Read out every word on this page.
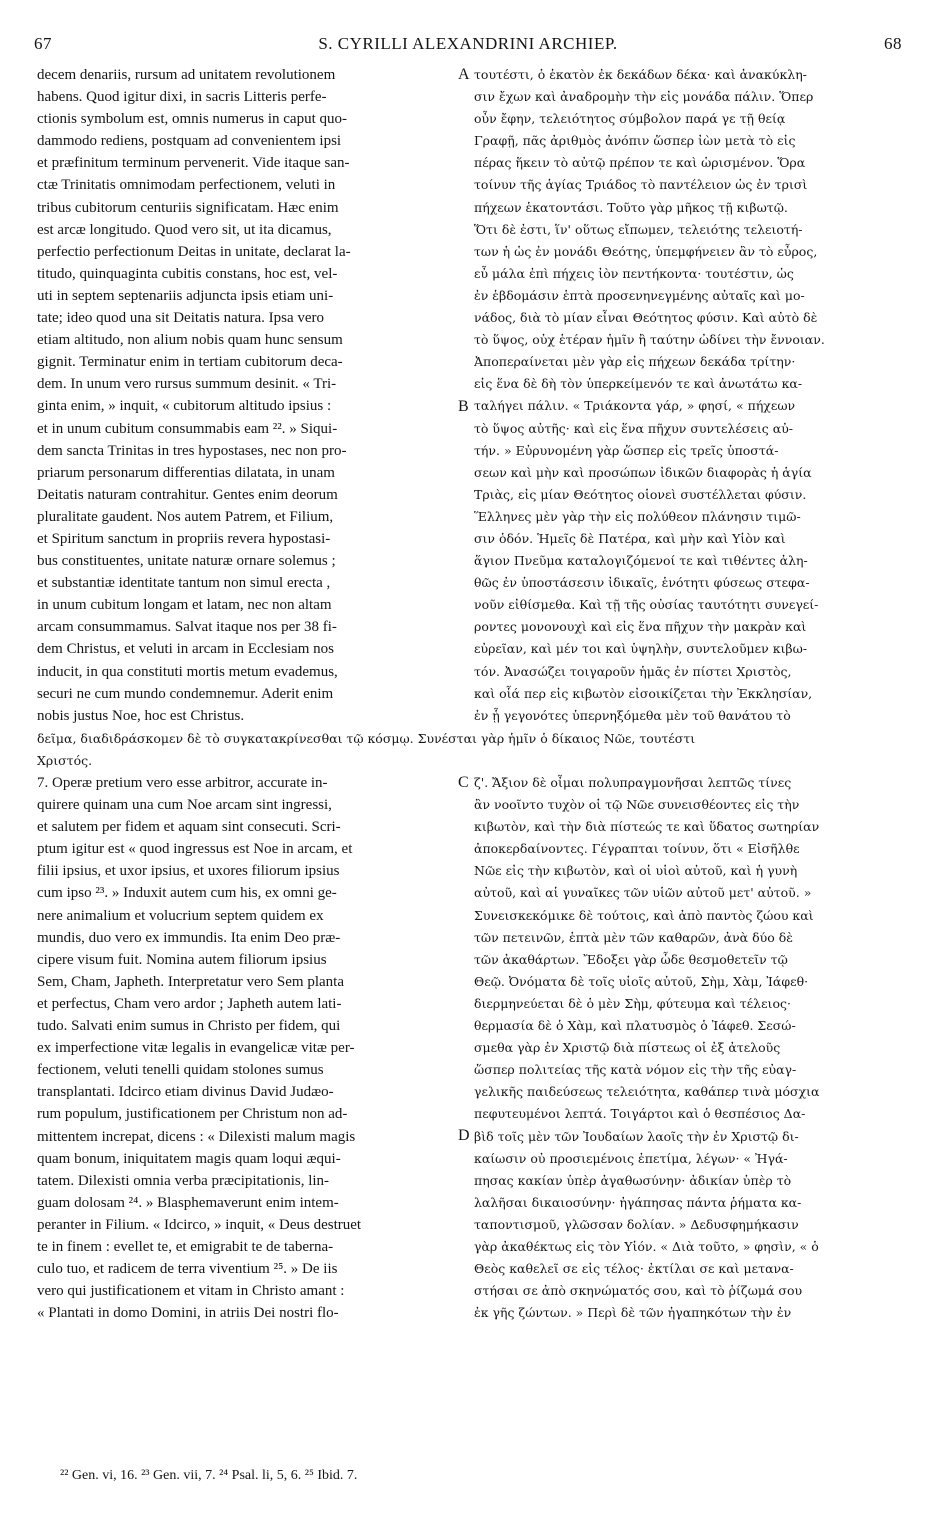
67	S. CYRILLI ALEXANDRINI ARCHIEP.	68
decem denariis, rursum ad unitatem revolutionem
habens. Quod igitur dixi, in sacris Litteris perfe-
ctionis symbolum est, omnis numerus in caput quo-
dammodo rediens, postquam ad convenientem ipsi
et præfinitum terminum pervenerit. Vide itaque san-
ctæ Trinitatis omnimodam perfectionem, veluti in
tribus cubitorum centuriis significatam. Hæc enim
est arcæ longitudo. Quod vero sit, ut ita dicamus,
perfectio perfectionum Deitas in unitate, declarat la-
titudo, quinquaginta cubitis constans, hoc est, vel-
uti in septem septenariis adjuncta ipsis etiam uni-
tate; ideo quod una sit Deitatis natura. Ipsa vero
etiam altitudo, non alium nobis quam hunc sensum
gignit. Terminatur enim in tertiam cubitorum deca-
dem. In unum vero rursus summum desinit. « Tri-
ginta enim, » inquit, « cubitorum altitudo ipsius :
et in unum cubitum consummabis eam ²². » Siqui-
dem sancta Trinitas in tres hypostases, nec non pro-
priarum personarum differentias dilatata, in unam
Deitatis naturam contrahitur. Gentes enim deorum
pluralitate gaudent. Nos autem Patrem, et Filium,
et Spiritum sanctum in propriis revera hypostasi-
bus constituentes, unitate naturæ ornare solemus ;
et substantiæ identitate tantum non simul erecta ,
in unum cubitum longam et latam, nec non altam
arcam consummamus. Salvat itaque nos per 38 fi-
dem Christus, et veluti in arcam in Ecclesiam nos
inducit, in qua constituti mortis metum evademus,
securi ne cum mundo condemnemur. Aderit enim
nobis justus Noe, hoc est Christus.
τουτέστι, ὁ ἑκατὸν ἐκ δεκάδων δέκα· καὶ ἀνακύκλη-
σιν ἔχων καὶ ἀναδρομὴν τὴν εἰς μονάδα πάλιν. Ὅπερ
οὖν ἔφην, τελειότητος σύμβολον παρά γε τῇ θείᾳ
Γραφῇ, πᾶς ἀριθμὸς ἀνόπιν ὥσπερ ἰὼν μετὰ τὸ εἰς
πέρας ἥκειν τὸ αὐτῷ πρέπον τε καὶ ὡρισμένον. Ὅρα
τοίνυν τῆς ἁγίας Τριάδος τὸ παντέλειον ὡς ἐν τρισὶ
πήχεων ἑκατοντάσι. Τοῦτο γὰρ μῆκος τῇ κιβωτῷ.
Ὅτι δὲ ἐστι, ἵν' οὕτως εἴπωμεν, τελειότης τελειοτή-
των ἡ ὡς ἐν μονάδι Θεότης, ὑπεμφήνειεν ἂν τὸ εὖρος,
εὖ μάλα ἐπὶ πήχεις ἰὸν πεντήκοντα· τουτέστιν, ὡς
ἐν ἑβδομάσιν ἑπτὰ προσενηνεγμένης αὐταῖς καὶ μο-
νάδος, διὰ τὸ μίαν εἶναι Θεότητος φύσιν. Καὶ αὐτὸ δὲ
τὸ ὕψος, οὐχ ἑτέραν ἡμῖν ἢ ταύτην ὠδίνει τὴν ἔννοιαν.
Ἀποπεραίνεται μὲν γὰρ εἰς πήχεων δεκάδα τρίτην·
εἰς ἕνα δὲ δὴ τὸν ὑπερκείμενόν τε καὶ ἀνωτάτω κα-
ταλήγει πάλιν. « Τριάκοντα γάρ, » φησί, « πήχεων
τὸ ὕψος αὐτῆς· καὶ εἰς ἕνα πῆχυν συντελέσεις αὐ-
τήν. » Εὐρυνομένη γὰρ ὥσπερ εἰς τρεῖς ὑποστά-
σεων καὶ μὴν καὶ προσώπων ἰδικῶν διαφορὰς ἡ ἁγία
Τριὰς, εἰς μίαν Θεότητος οἱονεὶ συστέλλεται φύσιν.
Ἕλληνες μὲν γὰρ τὴν εἰς πολύθεον πλάνησιν τιμῶ-
σιν ὁδόν. Ἡμεῖς δὲ Πατέρα, καὶ μὴν καὶ Υἱὸν καὶ
ἅγιον Πνεῦμα καταλογιζόμενοί τε καὶ τιθέντες ἀλη-
θῶς ἐν ὑποστάσεσιν ἰδικαῖς, ἑνότητι φύσεως στεφα-
νοῦν εἰθίσμεθα. Καὶ τῇ τῆς οὐσίας ταυτότητι συνεγεί-
ροντες μονονουχὶ καὶ εἰς ἕνα πῆχυν τὴν μακρὰν καὶ
εὐρεῖαν, καὶ μέν τοι καὶ ὑψηλὴν, συντελοῦμεν κιβω-
τόν. Ἀνασώζει τοιγαροῦν ἡμᾶς ἐν πίστει Χριστὸς,
καὶ οἷά περ εἰς κιβωτὸν εἰσοικίζεται τὴν Ἐκκλησίαν,
ἐν ᾗ γεγονότες ὑπερνηξόμεθα μὲν τοῦ θανάτου τὸ
δεῖμα, διαδιδράσκομεν δὲ τὸ συγκατακρίνεσθαι τῷ κόσμῳ. Συνέσται γὰρ ἡμῖν ὁ δίκαιος Νῶε, τουτέστι
Χριστός.
7. Operæ pretium vero esse arbitror, accurate in-
quirere quinam una cum Noe arcam sint ingressi,
et salutem per fidem et aquam sint consecuti. Scri-
ptum igitur est « quod ingressus est Noe in arcam, et
filii ipsius, et uxor ipsius, et uxores filiorum ipsius
cum ipso ²³. » Induxit autem cum his, ex omni ge-
nere animalium et volucrium septem quidem ex
mundis, duo vero ex immundis. Ita enim Deo præ-
cipere visum fuit. Nomina autem filiorum ipsius
Sem, Cham, Japheth. Interpretatur vero Sem planta
et perfectus, Cham vero ardor ; Japheth autem lati-
tudo. Salvati enim sumus in Christo per fidem, qui
ex imperfectione vitæ legalis in evangelicæ vitæ per-
fectionem, veluti tenelli quidam stolones sumus
transplantati. Idcirco etiam divinus David Judæo-
rum populum, justificationem per Christum non ad-
mittentem increpat, dicens : « Dilexisti malum magis
quam bonum, iniquitatem magis quam loqui æqui-
tatem. Dilexisti omnia verba præcipitationis, lin-
guam dolosam ²⁴. » Blasphemaverunt enim intem-
peranter in Filium. « Idcirco, » inquit, « Deus destruet
te in finem : evellet te, et emigrabit te de taberna-
culo tuo, et radicem de terra viventium ²⁵. » De iis
vero qui justificationem et vitam in Christo amant :
« Plantati in domo Domini, in atriis Dei nostri flo-
ζ'. Ἄξιον δὲ οἶμαι πολυπραγμονῆσαι λεπτῶς τίνες
ἂν νοοῖντο τυχὸν οἱ τῷ Νῶε συνεισθέοντες εἰς τὴν
κιβωτὸν, καὶ τὴν διὰ πίστεώς τε καὶ ὕδατος σωτηρίαν
ἀποκερδαίνοντες. Γέγραπται τοίνυν, ὅτι « Εἰσῆλθε
Νῶε εἰς τὴν κιβωτὸν, καὶ οἱ υἱοὶ αὐτοῦ, καὶ ἡ γυνὴ
αὐτοῦ, καὶ αἱ γυναῖκες τῶν υἱῶν αὐτοῦ μετ' αὐτοῦ. »
Συνεισκεκόμικε δὲ τούτοις, καὶ ἀπὸ παντὸς ζώου καὶ
τῶν πετεινῶν, ἑπτὰ μὲν τῶν καθαρῶν, ἀνὰ δύο δὲ
τῶν ἀκαθάρτων. Ἔδοξει γὰρ ὧδε θεσμοθετεῖν τῷ
Θεῷ. Ὀνόματα δὲ τοῖς υἱοῖς αὐτοῦ, Σὴμ, Χὰμ, Ἰάφεθ·
διερμηνεύεται δὲ ὁ μὲν Σὴμ, φύτευμα καὶ τέλειος·
θερμασία δὲ ὁ Χὰμ, καὶ πλατυσμὸς ὁ Ἰάφεθ. Σεσώ-
σμεθα γὰρ ἐν Χριστῷ διὰ πίστεως οἱ ἐξ ἀτελοῦς
ὥσπερ πολιτείας τῆς κατὰ νόμον εἰς τὴν τῆς εὐαγ-
γελικῆς παιδεύσεως τελειότητα, καθάπερ τινὰ μόσχια
πεφυτευμένοι λεπτά. Τοιγάρτοι καὶ ὁ θεσπέσιος Δα-
βὶδ τοῖς μὲν τῶν Ἰουδαίων λαοῖς τὴν ἐν Χριστῷ δι-
καίωσιν οὐ προσιεμένοις ἐπετίμα, λέγων· « Ἠγά-
πησας κακίαν ὑπὲρ ἀγαθωσύνην· ἀδικίαν ὑπὲρ τὸ
λαλῆσαι δικαιοσύνην· ἠγάπησας πάντα ῥήματα κα-
ταποντισμοῦ, γλῶσσαν δολίαν. » Δεδυσφημήκασιν
γὰρ ἀκαθέκτως εἰς τὸν Υἱόν. « Διὰ τοῦτο, » φησὶν, « ὁ
Θεὸς καθελεῖ σε εἰς τέλος· ἐκτίλαι σε καὶ μετανα-
στήσαι σε ἀπὸ σκηνώματός σου, καὶ τὸ ῥίζωμά σου
ἐκ γῆς ζώντων. » Περὶ δὲ τῶν ἠγαπηκότων τὴν ἐν
A
B
C
D
²² Gen. vi, 16. ²³ Gen. vii, 7. ²⁴ Psal. li, 5, 6. ²⁵ Ibid. 7.
